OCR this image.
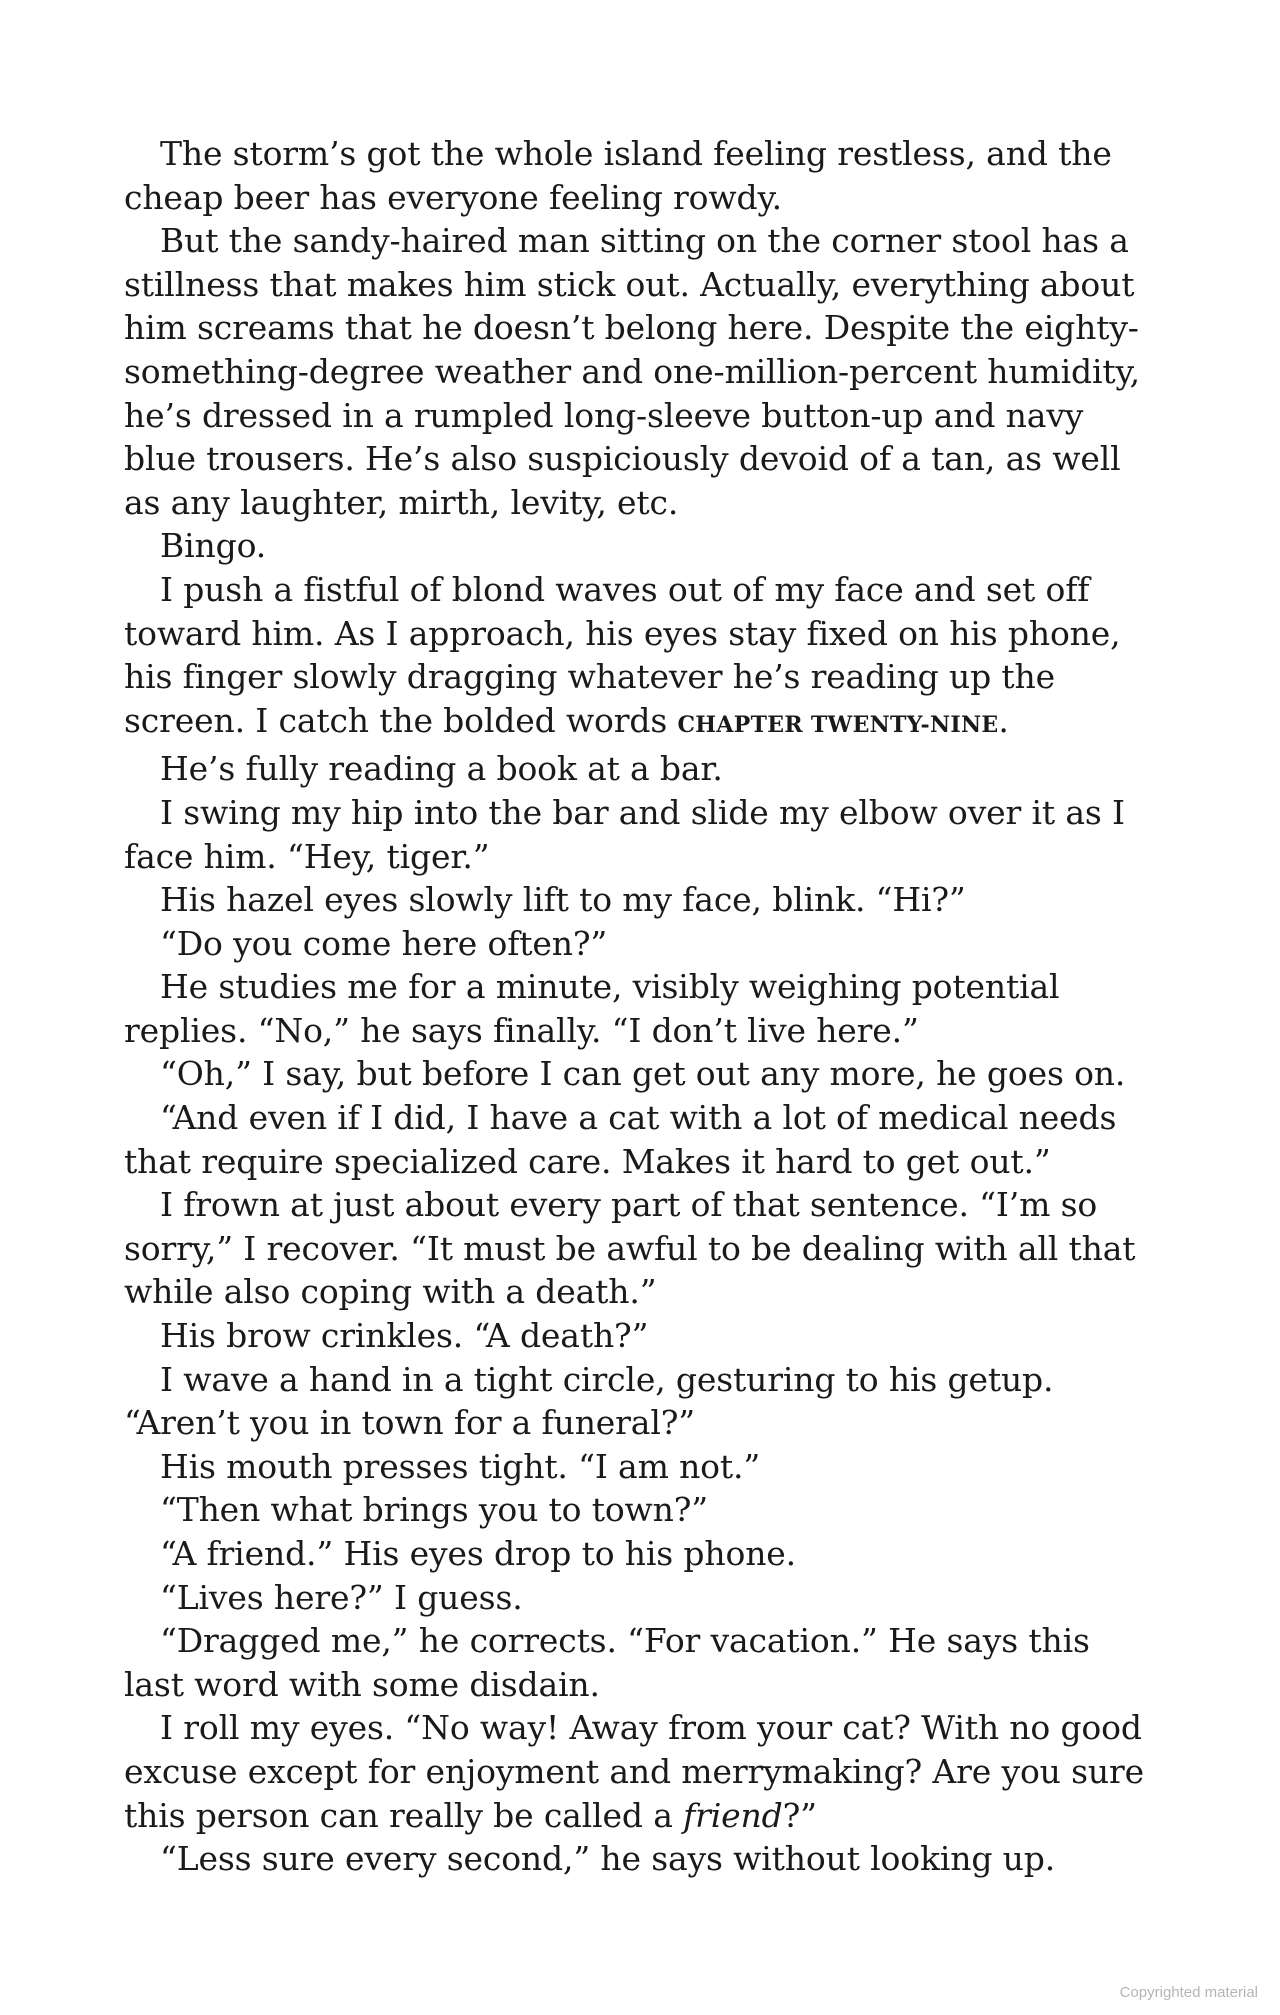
The storm’s got the whole island feeling restless, and the cheap beer has everyone feeling rowdy.

But the sandy-haired man sitting on the corner stool has a stillness that makes him stick out. Actually, everything about him screams that he doesn’t belong here. Despite the eighty-something-degree weather and one-million-percent humidity, he’s dressed in a rumpled long-sleeve button-up and navy blue trousers. He’s also suspiciously devoid of a tan, as well as any laughter, mirth, levity, etc.

Bingo.

I push a fistful of blond waves out of my face and set off toward him. As I approach, his eyes stay fixed on his phone, his finger slowly dragging whatever he’s reading up the screen. I catch the bolded words CHAPTER TWENTY-NINE.

He’s fully reading a book at a bar.

I swing my hip into the bar and slide my elbow over it as I face him. “Hey, tiger.”

His hazel eyes slowly lift to my face, blink. “Hi?”

“Do you come here often?”

He studies me for a minute, visibly weighing potential replies. “No,” he says finally. “I don’t live here.”

“Oh,” I say, but before I can get out any more, he goes on.

“And even if I did, I have a cat with a lot of medical needs that require specialized care. Makes it hard to get out.”

I frown at just about every part of that sentence. “I’m so sorry,” I recover. “It must be awful to be dealing with all that while also coping with a death.”

His brow crinkles. “A death?”

I wave a hand in a tight circle, gesturing to his getup. “Aren’t you in town for a funeral?”

His mouth presses tight. “I am not.”

“Then what brings you to town?”

“A friend.” His eyes drop to his phone.

“Lives here?” I guess.

“Dragged me,” he corrects. “For vacation.” He says this last word with some disdain.

I roll my eyes. “No way! Away from your cat? With no good excuse except for enjoyment and merrymaking? Are you sure this person can really be called a friend?”

“Less sure every second,” he says without looking up.

Copyrighted material
